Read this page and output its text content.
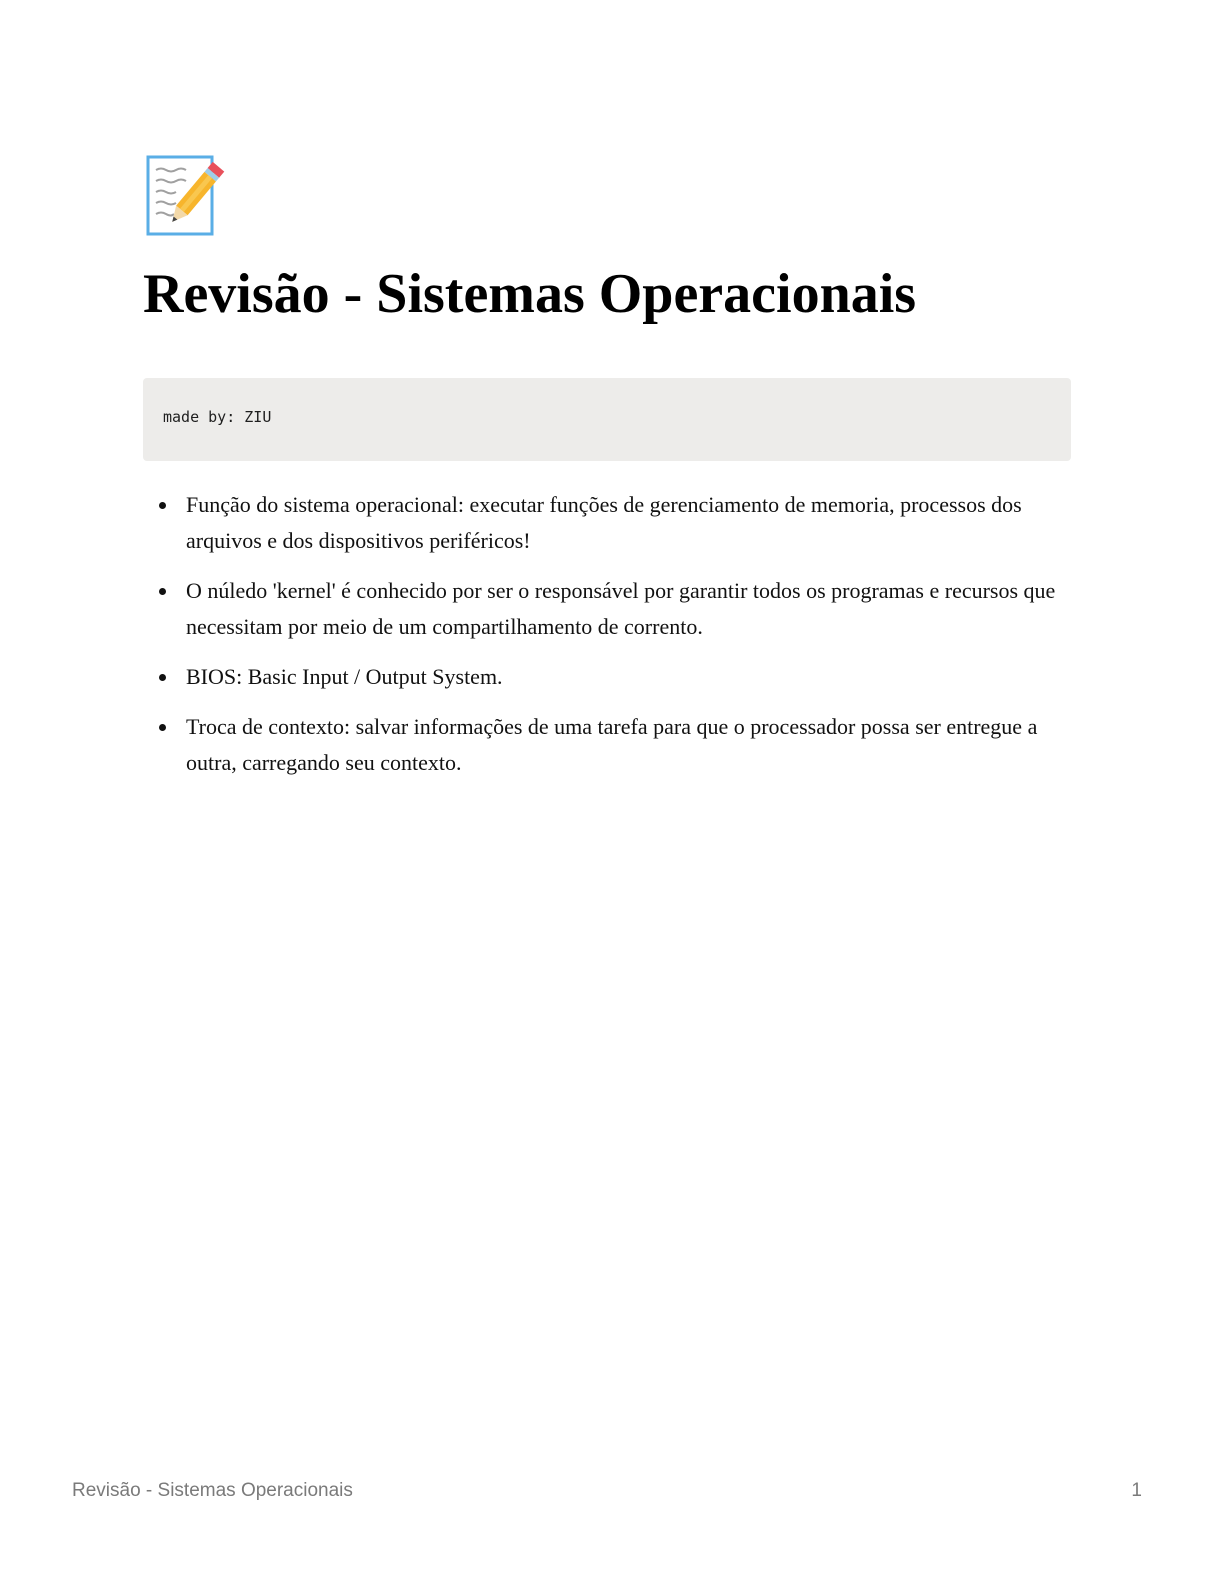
Revisão - Sistemas Operacionais
made by: ZIU
Função do sistema operacional: executar funções de gerenciamento de memoria, processos dos arquivos e dos dispositivos periféricos!
O núledo 'kernel' é conhecido por ser o responsável por garantir todos os programas e recursos que necessitam por meio de um compartilhamento de corrento.
BIOS: Basic Input / Output System.
Troca de contexto: salvar informações de uma tarefa para que o processador possa ser entregue a outra, carregando seu contexto.
Revisão - Sistemas Operacionais	1
